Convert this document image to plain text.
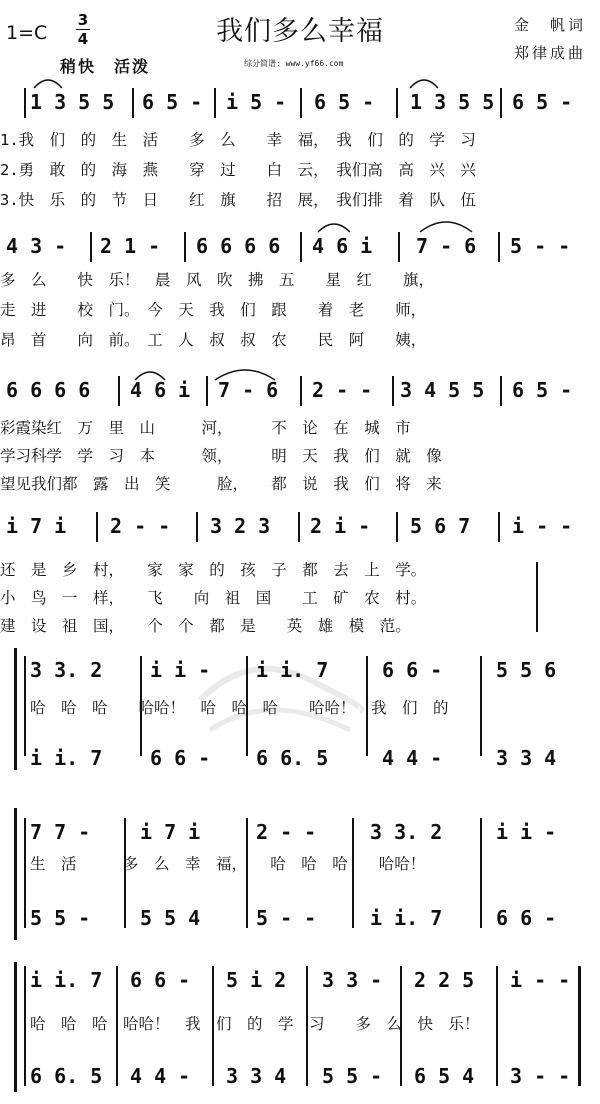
1=C
3
4	我们多么幸福	金　帆词
郑律成曲
稍快　活泼	综分简谱: www.yf66.com
1 3 5 5 6 5 - i 5 - 6 5 - 1 3 5 5 6 5 -
1.我　们　的　生　活　　多　么　　幸　福，　我　们　的　学　习
2.勇　敢　的　海　燕　　穿　过　　白　云，　我们高　高　兴　兴
3.快　乐　的　节　日　　红　旗　　招　展，　我们排　着　队　伍
4 3 - 2 1 - 6 6 6 6 4 6 i 7 - 6 5 - -
多　么　　快　乐！　晨　风　吹　拂　五　　星　红　　旗，
走　进　　校　门。　今　天　我　们　跟　　着　老　　师，
昂　首　　向　前。　工　人　叔　叔　农　　民　阿　　姨，
6 6 6 6 4 6 i 7 - 6 2 - - 3 4 5 5 6 5 -
彩霞染红　万　里　山　　　河，　　　不　论　在　城　市
学习科学　学　习　本　　　领，　　　明　天　我　们　就　像
望见我们都　露　出　笑　　　脸，　　都　说　我　们　将　来
i 7 i 2 - - 3 2 3 2 i - 5 6 7 i - -
还　是　乡　村，　　家　家　的　孩　子　都　去　上　学。
小　鸟　一　样，　　飞　　向　祖　国　　工　矿　农　村。
建　设　祖　国，　　个　个　都　是　　英　雄　模　范。
3 3. 2 i i - i i. 7	6 6 -	5 5 6
哈　哈　哈　　哈哈！　哈　哈　哈　　哈哈！　我　们　的
i i. 7 6 6 - 6 6. 5	4 4 -	3 3 4
7 7 - i 7 i	2 - -	3 3. 2	i i -
生　活　　　多　么　幸　福，　　哈　哈　哈　　哈哈！
5 5 - 5 5 4	5 - -	i i. 7	6 6 -
i i. 7 6 6 - 5 i 2 3 3 - 2 2 5 i - -
哈　哈　哈　哈哈！　我　们　的　学　习　　多　么　快　乐！
6 6. 5 4 4 - 3 3 4 5 5 - 6 5 4 3 - -
